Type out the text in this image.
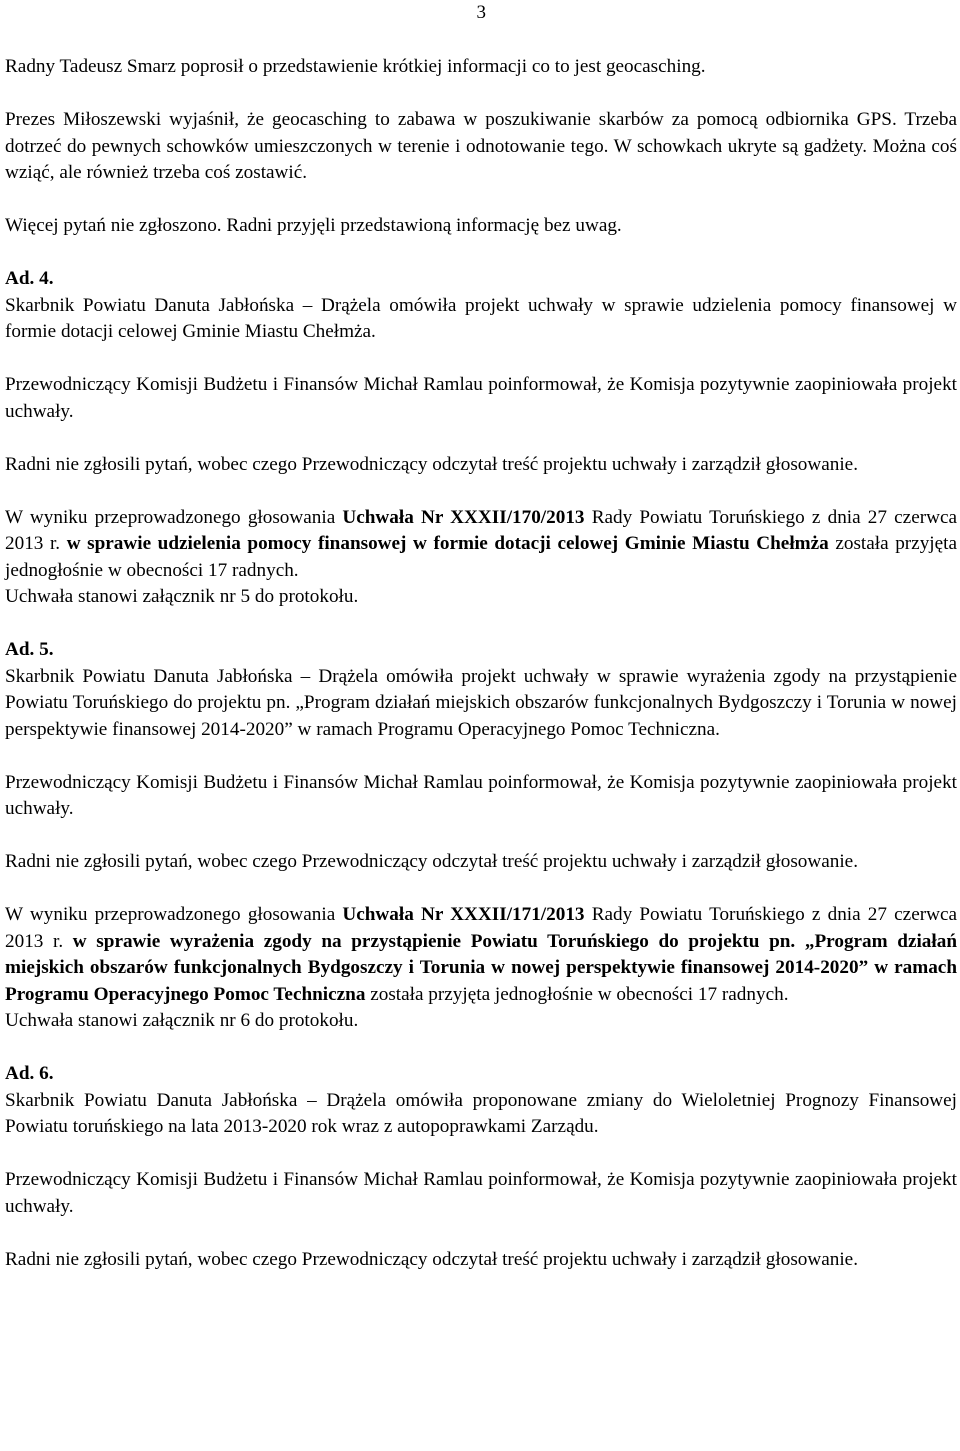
3

Radny Tadeusz Smarz poprosił o przedstawienie krótkiej informacji co to jest geocasching.

Prezes Miłoszewski wyjaśnił, że geocasching to zabawa w poszukiwanie skarbów za pomocą odbiornika GPS. Trzeba dotrzeć do pewnych schowków umieszczonych w terenie i odnotowanie tego. W schowkach ukryte są gadżety. Można coś wziąć, ale również trzeba coś zostawić.

Więcej pytań nie zgłoszono. Radni przyjęli przedstawioną informację bez uwag.

Ad. 4.

Skarbnik Powiatu Danuta Jabłońska – Drążela omówiła projekt uchwały w sprawie udzielenia pomocy finansowej w formie dotacji celowej Gminie Miastu Chełmża.

Przewodniczący Komisji Budżetu i Finansów Michał Ramlau poinformował, że Komisja pozytywnie zaopiniowała projekt uchwały.

Radni nie zgłosili pytań, wobec czego Przewodniczący odczytał treść projektu uchwały i zarządził głosowanie.

W wyniku przeprowadzonego głosowania Uchwała Nr XXXII/170/2013 Rady Powiatu Toruńskiego z dnia 27 czerwca 2013 r. w sprawie udzielenia pomocy finansowej w formie dotacji celowej Gminie Miastu Chełmża została przyjęta jednogłośnie w obecności 17 radnych.

Uchwała stanowi załącznik nr 5 do protokołu.

Ad. 5.

Skarbnik Powiatu Danuta Jabłońska – Drążela omówiła projekt uchwały w sprawie wyrażenia zgody na przystąpienie Powiatu Toruńskiego do projektu pn. „Program działań miejskich obszarów funkcjonalnych Bydgoszczy i Torunia w nowej perspektywie finansowej 2014-2020” w ramach Programu Operacyjnego Pomoc Techniczna.

Przewodniczący Komisji Budżetu i Finansów Michał Ramlau poinformował, że Komisja pozytywnie zaopiniowała projekt uchwały.

Radni nie zgłosili pytań, wobec czego Przewodniczący odczytał treść projektu uchwały i zarządził głosowanie.

W wyniku przeprowadzonego głosowania Uchwała Nr XXXII/171/2013 Rady Powiatu Toruńskiego z dnia 27 czerwca 2013 r. w sprawie wyrażenia zgody na przystąpienie Powiatu Toruńskiego do projektu pn. „Program działań miejskich obszarów funkcjonalnych Bydgoszczy i Torunia w nowej perspektywie finansowej 2014-2020” w ramach Programu Operacyjnego Pomoc Techniczna została przyjęta jednogłośnie w obecności 17 radnych.

Uchwała stanowi załącznik nr 6 do protokołu.

Ad. 6.

Skarbnik Powiatu Danuta Jabłońska – Drążela omówiła proponowane zmiany do Wieloletniej Prognozy Finansowej Powiatu toruńskiego na lata 2013-2020 rok wraz z autopoprawkami Zarządu.

Przewodniczący Komisji Budżetu i Finansów Michał Ramlau poinformował, że Komisja pozytywnie zaopiniowała projekt uchwały.

Radni nie zgłosili pytań, wobec czego Przewodniczący odczytał treść projektu uchwały i zarządził głosowanie.
